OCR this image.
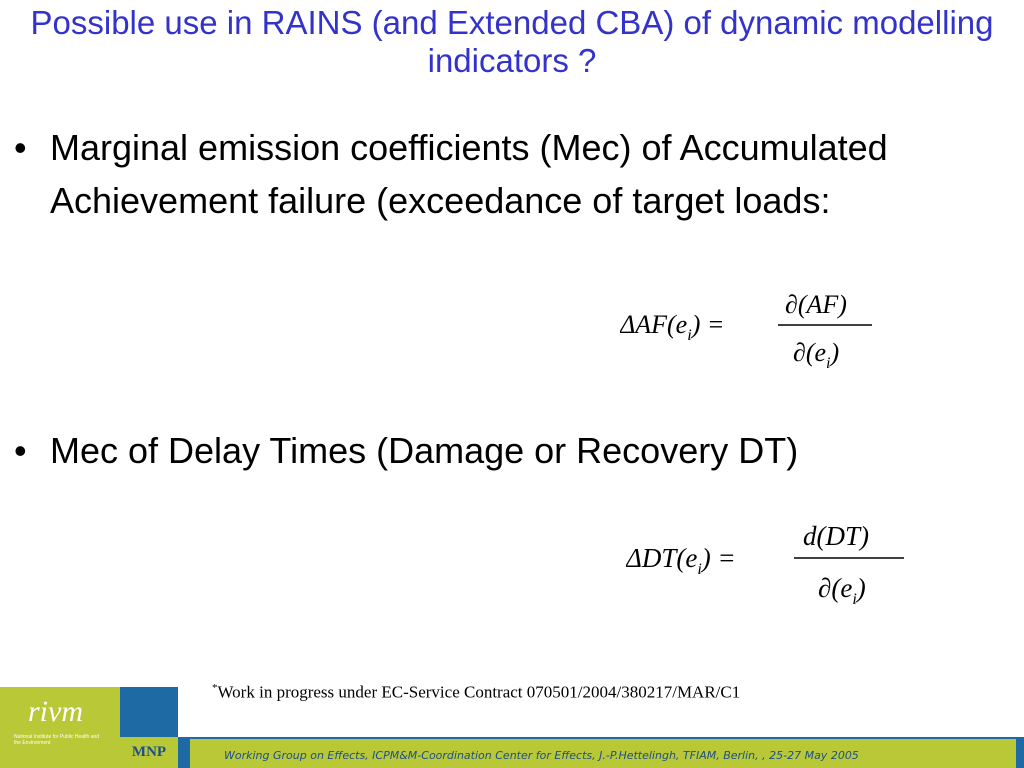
Possible use in RAINS (and Extended CBA) of dynamic modelling indicators ?
• Marginal emission coefficients (Mec) of Accumulated Achievement failure (exceedance of target loads:
$\Delta AF(e_i)$ =
∂(AF)
$\partial(e_i)$
• Mec of Delay Times (Damage or Recovery DT)
$\Delta DT(e_i)$ =
d(DT)
$\partial(e_i)$
*Work in progress under EC-Service Contract 070501/2004/380217/MAR/C1
Working Group on Effects, ICPM&M-Coordination Center for Effects, J.-P.Hettelingh, TFIAM, Berlin, , 25-27 May 2005
rivm
National Institute for Public Health and the Environment
MNP
